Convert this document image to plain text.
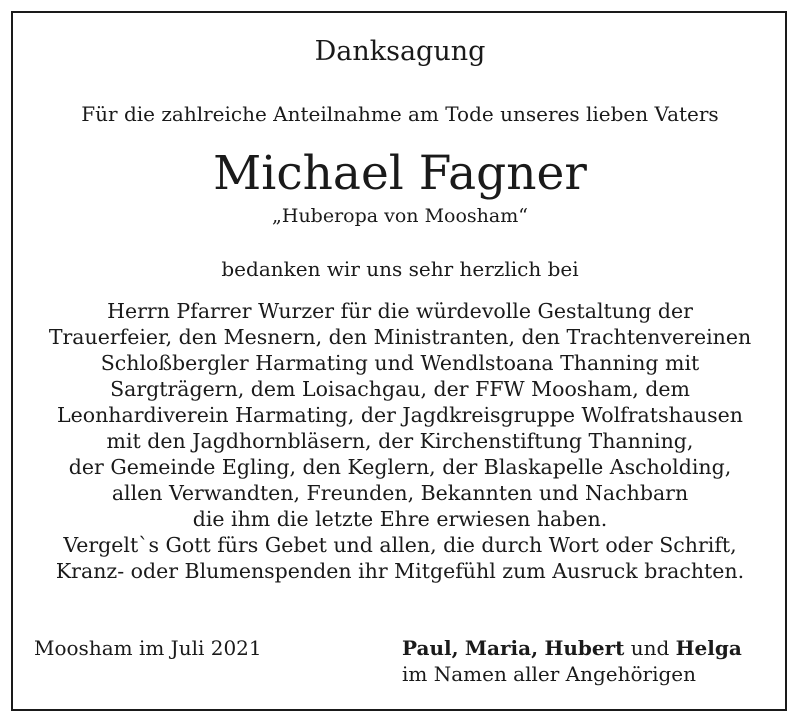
Danksagung
Für die zahlreiche Anteilnahme am Tode unseres lieben Vaters
Michael Fagner
„Huberopa von Moosham“
bedanken wir uns sehr herzlich bei
Herrn Pfarrer Wurzer für die würdevolle Gestaltung der
Trauerfeier, den Mesnern, den Ministranten, den Trachtenvereinen
Schloßbergler Harmating und Wendlstoana Thanning mit
Sargträgern, dem Loisachgau, der FFW Moosham, dem
Leonhardiverein Harmating, der Jagdkreisgruppe Wolfratshausen
mit den Jagdhornbläsern, der Kirchenstiftung Thanning,
der Gemeinde Egling, den Keglern, der Blaskapelle Ascholding,
allen Verwandten, Freunden, Bekannten und Nachbarn
die ihm die letzte Ehre erwiesen haben.
Vergelt`s Gott fürs Gebet und allen, die durch Wort oder Schrift,
Kranz- oder Blumenspenden ihr Mitgefühl zum Ausruck brachten.
Moosham im Juli 2021	Paul, Maria, Hubert und Helga
im Namen aller Angehörigen
